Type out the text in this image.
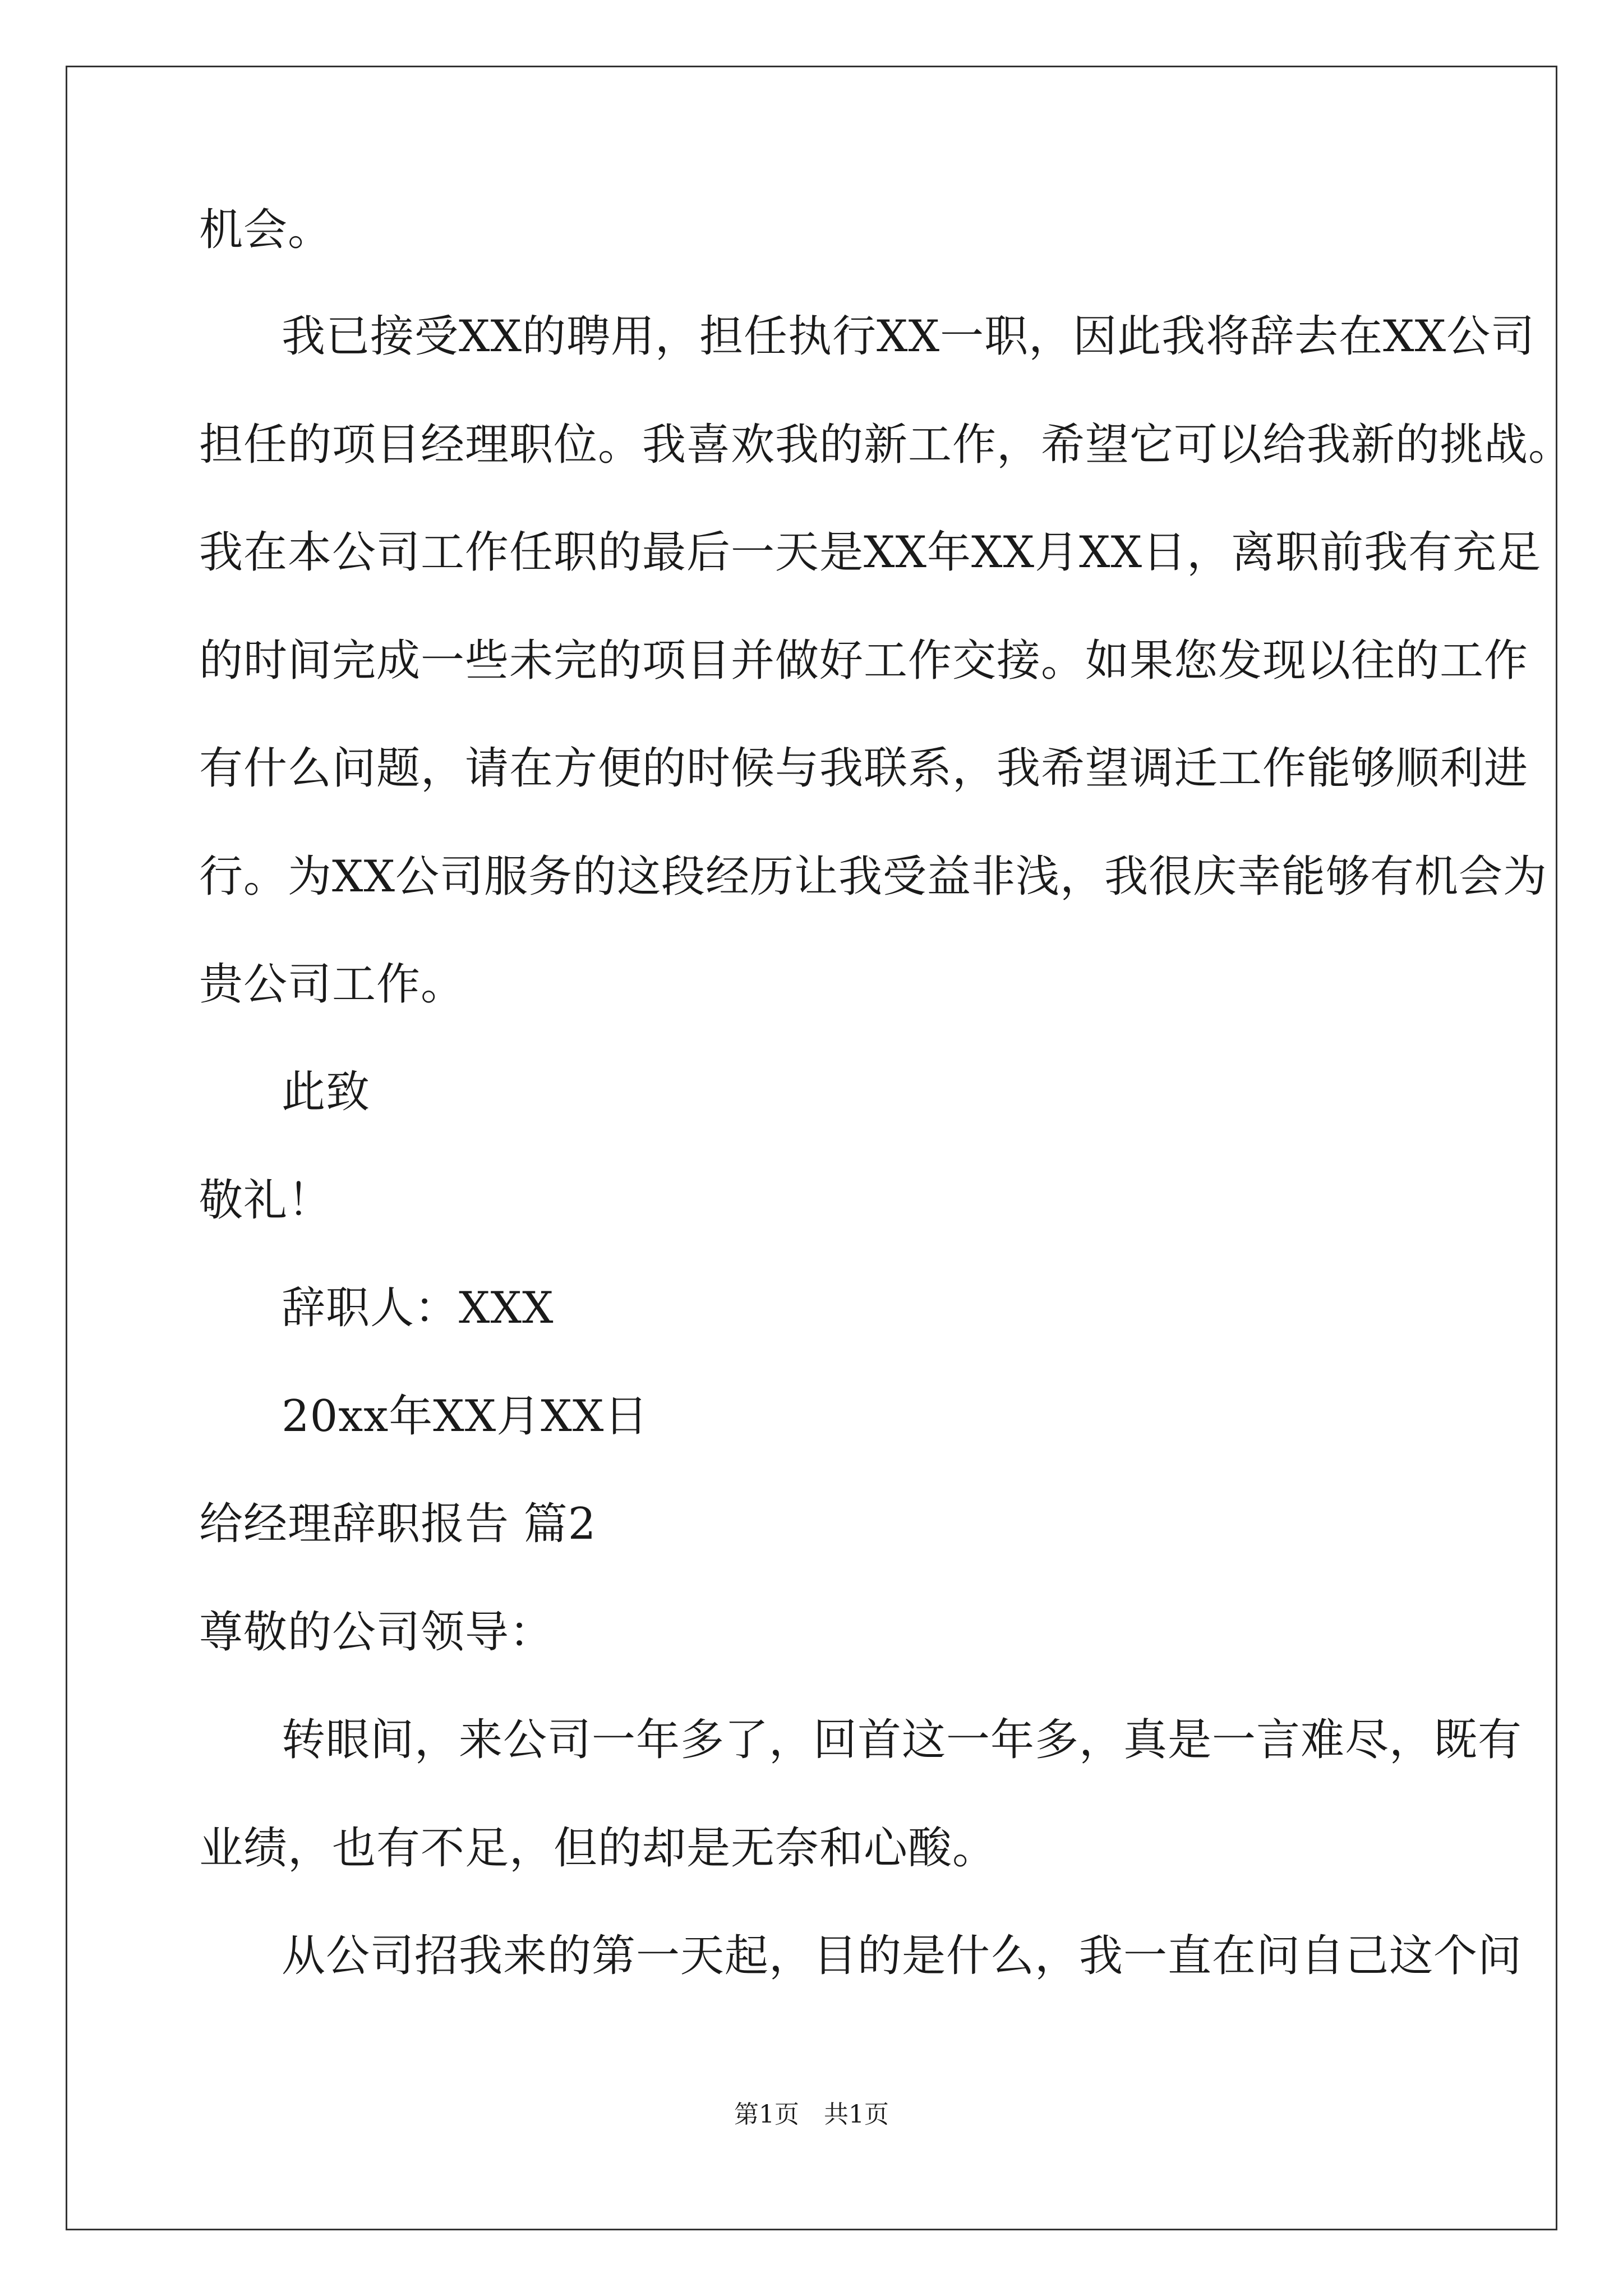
机会。
我已接受XX的聘用，担任执行XX一职，因此我将辞去在XX公司
担任的项目经理职位。我喜欢我的新工作，希望它可以给我新的挑战。
我在本公司工作任职的最后一天是XX年XX月XX日，离职前我有充足
的时间完成一些未完的项目并做好工作交接。如果您发现以往的工作
有什么问题，请在方便的时候与我联系，我希望调迁工作能够顺利进
行。为XX公司服务的这段经历让我受益非浅，我很庆幸能够有机会为
贵公司工作。
此致
敬礼！
辞职人：XXX
20xx年XX月XX日
给经理辞职报告 篇2
尊敬的公司领导：
转眼间，来公司一年多了，回首这一年多，真是一言难尽，既有
业绩，也有不足，但的却是无奈和心酸。
从公司招我来的第一天起，目的是什么，我一直在问自己这个问
第1页　共1页
